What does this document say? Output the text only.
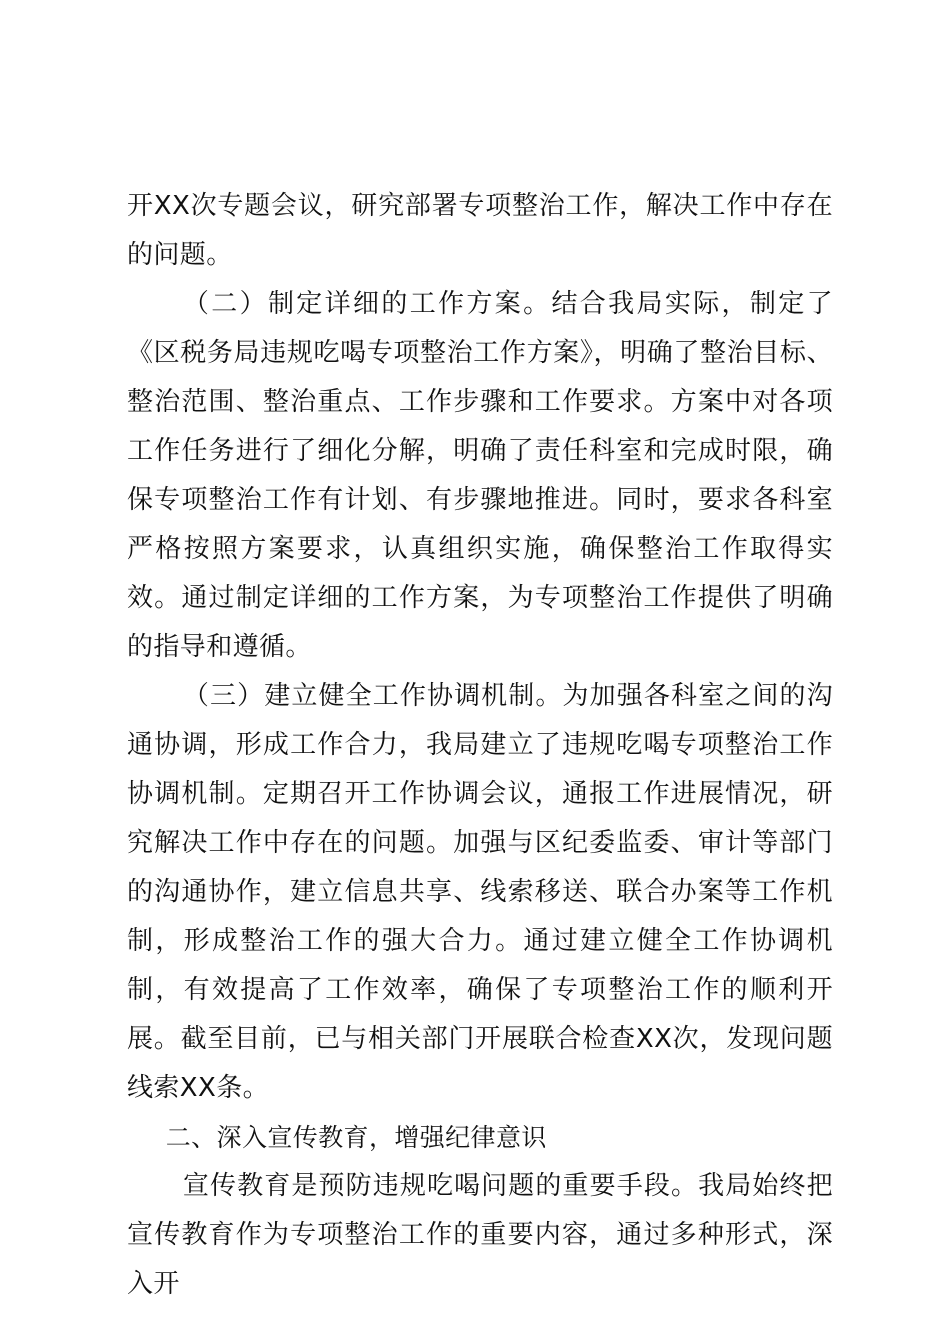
开XX次专题会议，研究部署专项整治工作，解决工作中存在的问题。

（二）制定详细的工作方案。结合我局实际，制定了《区税务局违规吃喝专项整治工作方案》，明确了整治目标、整治范围、整治重点、工作步骤和工作要求。方案中对各项工作任务进行了细化分解，明确了责任科室和完成时限，确保专项整治工作有计划、有步骤地推进。同时，要求各科室严格按照方案要求，认真组织实施，确保整治工作取得实效。通过制定详细的工作方案，为专项整治工作提供了明确的指导和遵循。

（三）建立健全工作协调机制。为加强各科室之间的沟通协调，形成工作合力，我局建立了违规吃喝专项整治工作协调机制。定期召开工作协调会议，通报工作进展情况，研究解决工作中存在的问题。加强与区纪委监委、审计等部门的沟通协作，建立信息共享、线索移送、联合办案等工作机制，形成整治工作的强大合力。通过建立健全工作协调机制，有效提高了工作效率，确保了专项整治工作的顺利开展。截至目前，已与相关部门开展联合检查XX次，发现问题线索XX条。

二、深入宣传教育，增强纪律意识

宣传教育是预防违规吃喝问题的重要手段。我局始终把宣传教育作为专项整治工作的重要内容，通过多种形式，深入开
